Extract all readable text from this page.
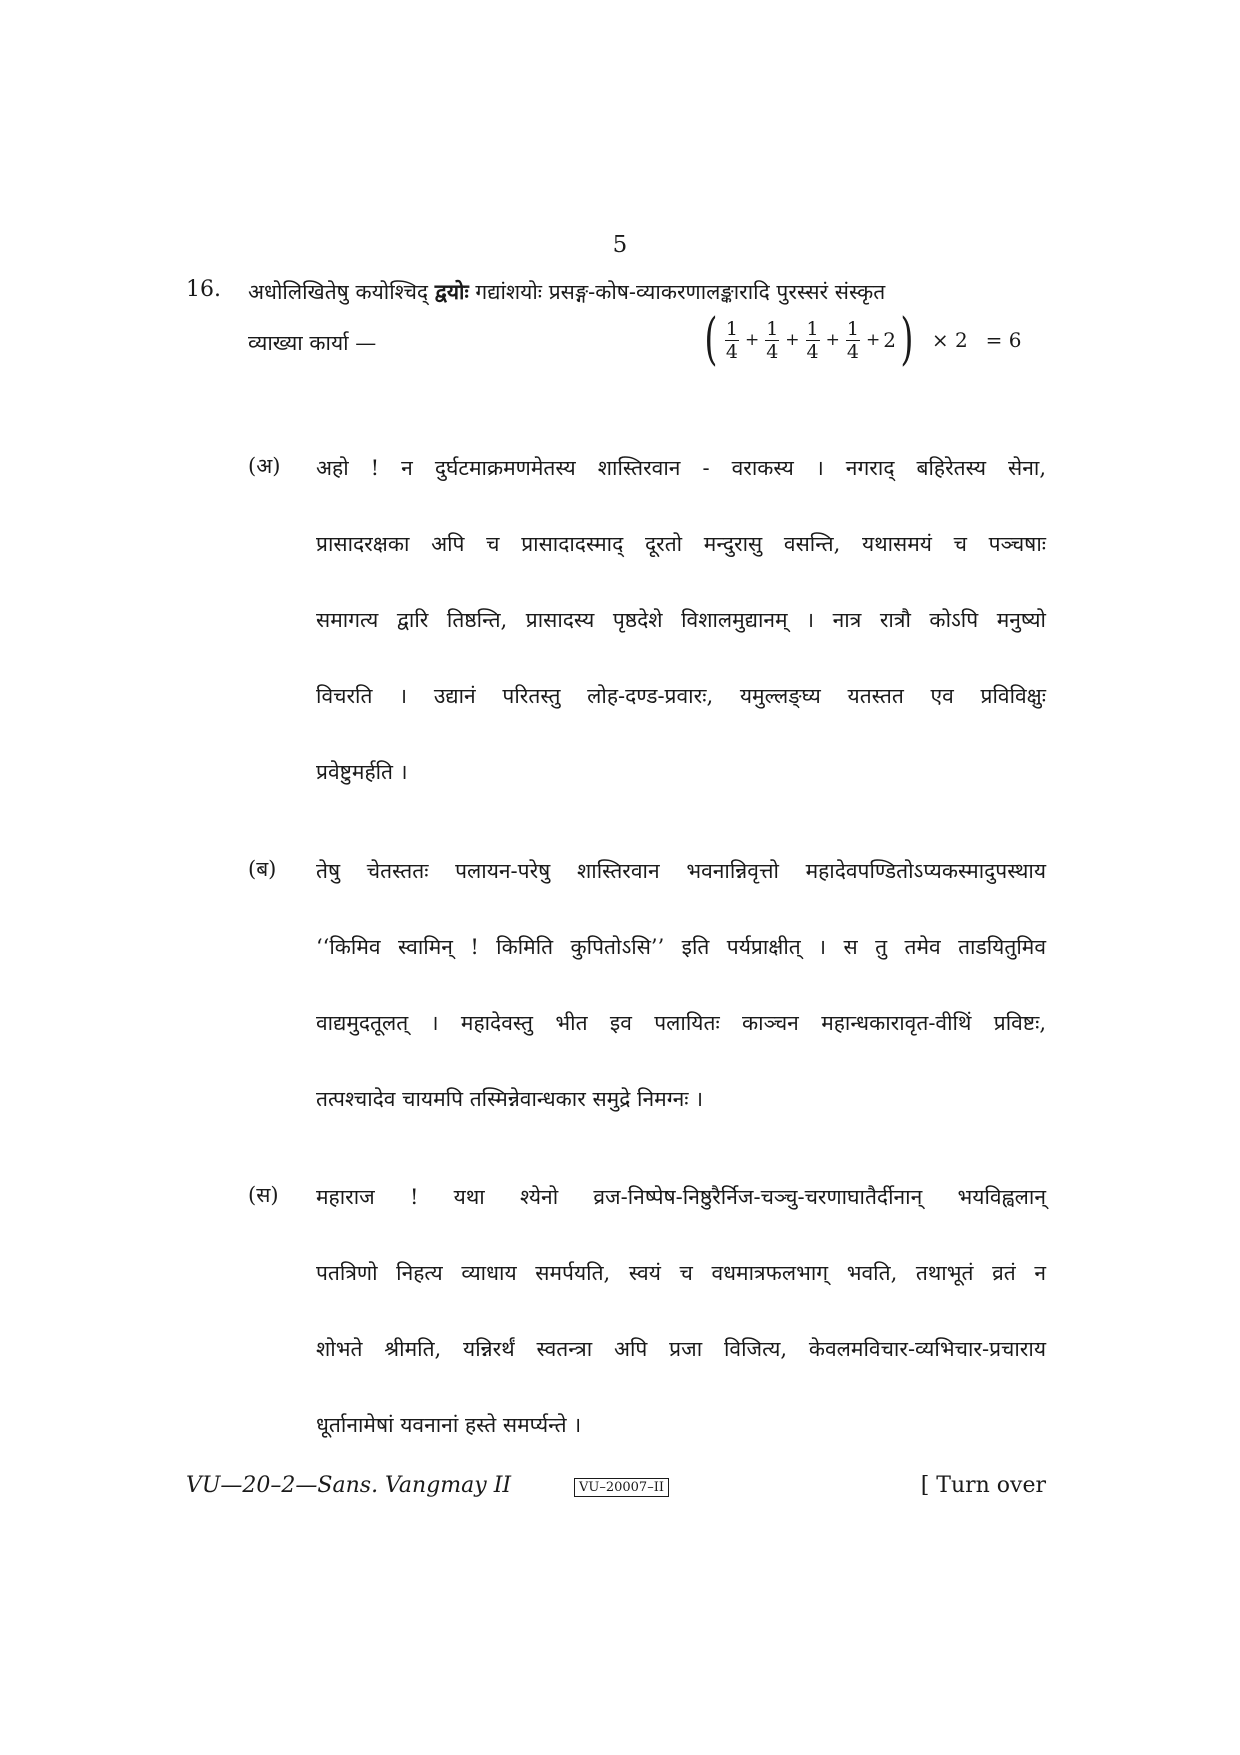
5
16. अधोलिखितेषु कयोश्चिद् द्वयोः गद्यांशयोः प्रसङ्ग-कोष-व्याकरणालङ्कारादि पुरस्सरं संस्कृत
व्याख्या कार्या —	( $\frac{1}{4} + \frac{1}{4} + \frac{1}{4} + \frac{1}{4} + 2$ ) × 2 = 6
(अ) अहो ! न दुर्घटमाक्रमणमेतस्य शास्तिरवान - वराकस्य । नगराद् बहिरेतस्य सेना,
प्रासादरक्षका अपि च प्रासादादस्माद् दूरतो मन्दुरासु वसन्ति, यथासमयं च पञ्चषाः
समागत्य द्वारि तिष्ठन्ति, प्रासादस्य पृष्ठदेशे विशालमुद्यानम् । नात्र रात्रौ कोऽपि मनुष्यो
विचरति । उद्यानं परितस्तु लोह-दण्ड-प्रवारः, यमुल्लङ्घ्य यतस्तत एव प्रविविक्षुः
प्रवेष्टुमर्हति ।
(ब) तेषु चेतस्ततः पलायन-परेषु शास्तिरवान भवनान्निवृत्तो महादेवपण्डितोऽप्यकस्मादुपस्थाय
‘‘किमिव स्वामिन् ! किमिति कुपितोऽसि’’ इति पर्यप्राक्षीत् । स तु तमेव ताडयितुमिव
वाद्यमुदतूलत् । महादेवस्तु भीत इव पलायितः काञ्चन महान्धकारावृत-वीथिं प्रविष्टः,
तत्पश्चादेव चायमपि तस्मिन्नेवान्धकार समुद्रे निमग्नः ।
(स) महाराज ! यथा श्येनो व्रज-निष्पेष-निष्ठुरैर्निज-चञ्चु-चरणाघातैर्दीनान् भयविह्वलान्
पतत्रिणो निहत्य व्याधाय समर्पयति, स्वयं च वधमात्रफलभाग् भवति, तथाभूतं व्रतं न
शोभते श्रीमति, यन्निरर्थं स्वतन्त्रा अपि प्रजा विजित्य, केवलमविचार-व्यभिचार-प्रचाराय
धूर्तानामेषां यवनानां हस्ते समर्प्यन्ते ।
VU—20–2—Sans. Vangmay II	VU–20007–II	[ Turn over
